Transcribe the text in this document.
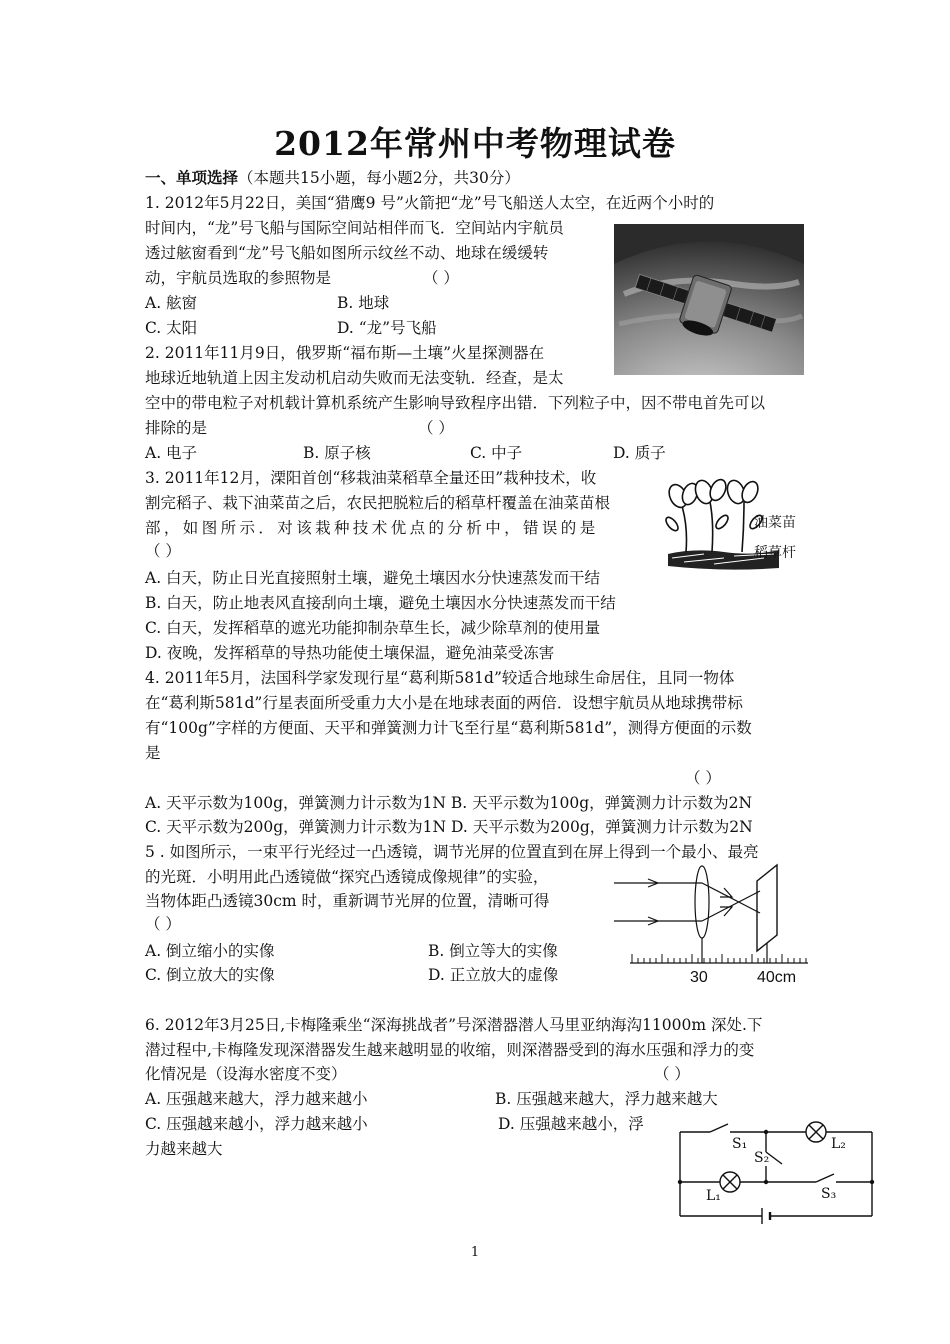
2012年常州中考物理试卷
一、单项选择（本题共15小题，每小题2分，共30分）
1. 2012年5月22日，美国“猎鹰9 号”火箭把“龙”号飞船送人太空，在近两个小时的
时间内，“龙”号飞船与国际空间站相伴而飞．空间站内宇航员
透过舷窗看到“龙”号飞船如图所示纹丝不动、地球在缓缓转
动，宇航员选取的参照物是	（ ）
A. 舷窗	B. 地球
C. 太阳	D. “龙”号飞船
2. 2011年11月9日，俄罗斯“福布斯—土壤”火星探测器在
地球近地轨道上因主发动机启动失败而无法变轨．经查，是太
空中的带电粒子对机载计算机系统产生影响导致程序出错．下列粒子中，因不带电首先可以
排除的是	（ ）
A. 电子	B. 原子核	C. 中子	D. 质子
3. 2011年12月，溧阳首创“移栽油菜稻草全量还田”栽种技术，收
割完稻子、栽下油菜苗之后，农民把脱粒后的稻草杆覆盖在油菜苗根
部，如图所示．对该栽种技术优点的分析中，错误的是
（ ）
A. 白天，防止日光直接照射土壤，避免土壤因水分快速蒸发而干结
B. 白天，防止地表风直接刮向土壤，避免土壤因水分快速蒸发而干结
C. 白天，发挥稻草的遮光功能抑制杂草生长，减少除草剂的使用量
D. 夜晚，发挥稻草的导热功能使土壤保温，避免油菜受冻害
油菜苗
稻草杆
4. 2011年5月，法国科学家发现行星“葛利斯581d”较适合地球生命居住，且同一物体
在“葛利斯581d”行星表面所受重力大小是在地球表面的两倍．设想宇航员从地球携带标
有“100g”字样的方便面、天平和弹簧测力计飞至行星“葛利斯581d”，测得方便面的示数
是
（ ）
A. 天平示数为100g，弹簧测力计示数为1N B. 天平示数为100g，弹簧测力计示数为2N
C. 天平示数为200g，弹簧测力计示数为1N D. 天平示数为200g，弹簧测力计示数为2N
5 . 如图所示，一束平行光经过一凸透镜，调节光屏的位置直到在屏上得到一个最小、最亮
的光斑．小明用此凸透镜做“探究凸透镜成像规律”的实验，
当物体距凸透镜30cm 时，重新调节光屏的位置，清晰可得
（ ）
A. 倒立缩小的实像	B. 倒立等大的实像
C. 倒立放大的实像	D. 正立放大的虚像	30	40cm
6. 2012年3月25日,卡梅隆乘坐“深海挑战者”号深潜器潜人马里亚纳海沟11000m 深处.下
潜过程中,卡梅隆发现深潜器发生越来越明显的收缩，则深潜器受到的海水压强和浮力的变
化情况是（设海水密度不变）	（ ）
A. 压强越来越大，浮力越来越小	B. 压强越来越大，浮力越来越大
C. 压强越来越小，浮力越来越小	D. 压强越来越小，浮
力越来越大	S₁
S₂
L₂
L₁	S₃
1
